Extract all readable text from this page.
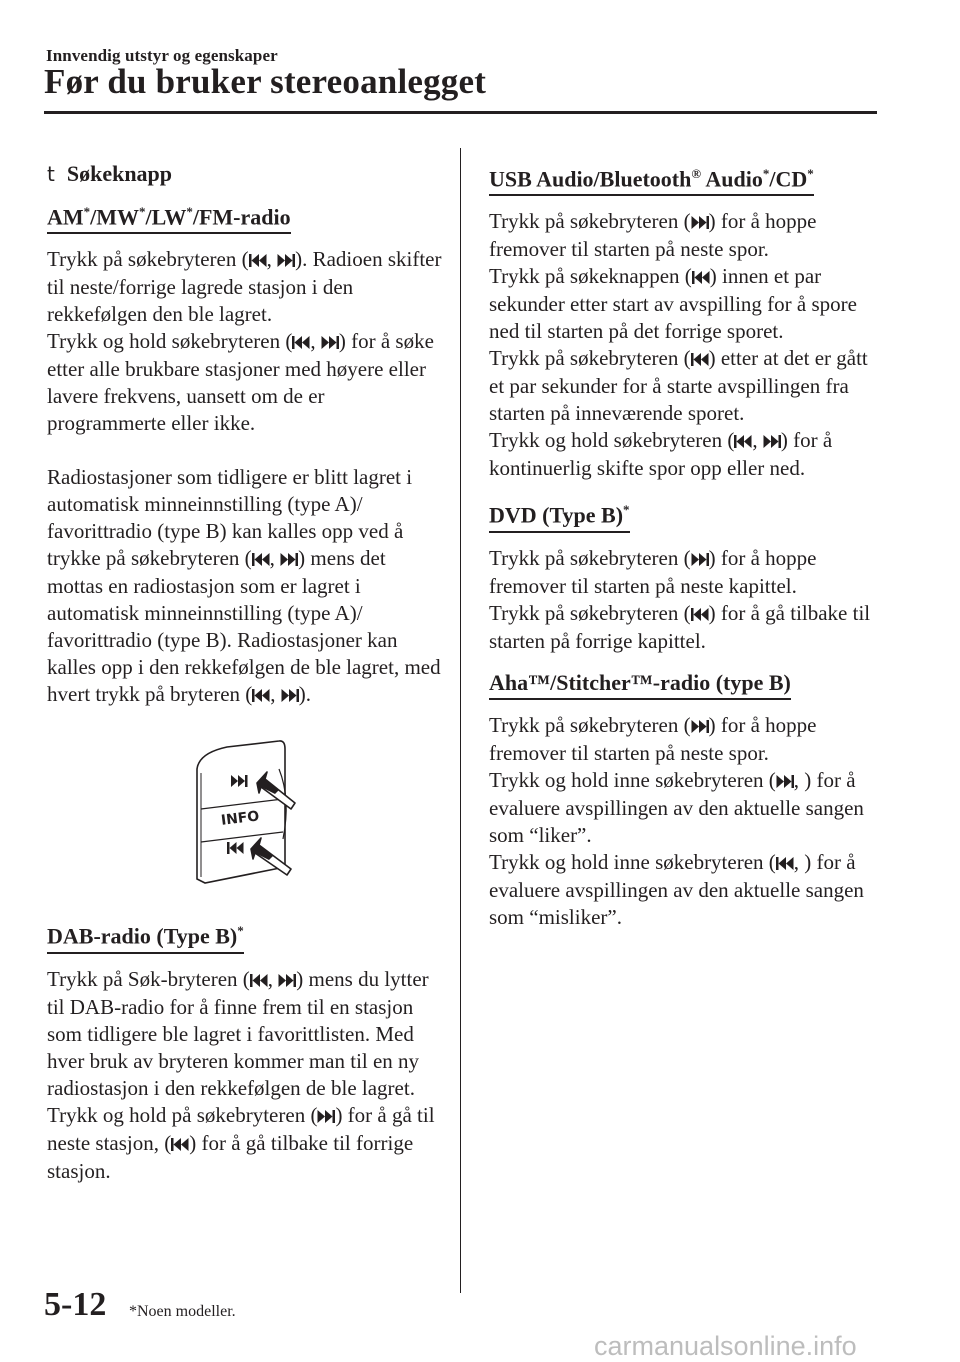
Innvendig utstyr og egenskaper
Før du bruker stereoanlegget
t Søkeknapp
AM*/MW*/LW*/FM-radio

Trykk på søkebryteren ( , ). Radioen skifter til neste/forrige lagrede stasjon i den rekkefølgen den ble lagret.

Trykk og hold søkebryteren ( , ) for å søke etter alle brukbare stasjoner med høyere eller lavere frekvens, uansett om de er programmerte eller ikke.

Radiostasjoner som tidligere er blitt lagret i automatisk minneinnstilling (type A)/ favorittradio (type B) kan kalles opp ved å trykke på søkebryteren ( , ) mens det mottas en radiostasjon som er lagret i automatisk minneinnstilling (type A)/ favorittradio (type B). Radiostasjoner kan kalles opp i den rekkefølgen de ble lagret, med hvert trykk på bryteren ( , ).

INFO
DAB-radio (Type B)*

Trykk på Søk-bryteren ( , ) mens du lytter til DAB-radio for å finne frem til en stasjon som tidligere ble lagret i favorittlisten. Med hver bruk av bryteren kommer man til en ny radiostasjon i den rekkefølgen de ble lagret.

Trykk og hold på søkebryteren ( ) for å gå til neste stasjon, ( ) for å gå tilbake til forrige stasjon.

USB Audio/Bluetooth® Audio*/CD*

Trykk på søkebryteren ( ) for å hoppe fremover til starten på neste spor.

Trykk på søkeknappen ( ) innen et par sekunder etter start av avspilling for å spore ned til starten på det forrige sporet.

Trykk på søkebryteren ( ) etter at det er gått et par sekunder for å starte avspillingen fra starten på inneværende sporet.

Trykk og hold søkebryteren ( , ) for å kontinuerlig skifte spor opp eller ned.

DVD (Type B)*

Trykk på søkebryteren ( ) for å hoppe fremover til starten på neste kapittel.

Trykk på søkebryteren ( ) for å gå tilbake til starten på forrige kapittel.

Aha™/Stitcher™-radio (type B)

Trykk på søkebryteren ( ) for å hoppe fremover til starten på neste spor.

Trykk og hold inne søkebryteren ( , ) for å evaluere avspillingen av den aktuelle sangen som “liker”.

Trykk og hold inne søkebryteren ( , ) for å evaluere avspillingen av den aktuelle sangen som “misliker”.

5-12 *Noen modeller.
carmanualsonline.info
